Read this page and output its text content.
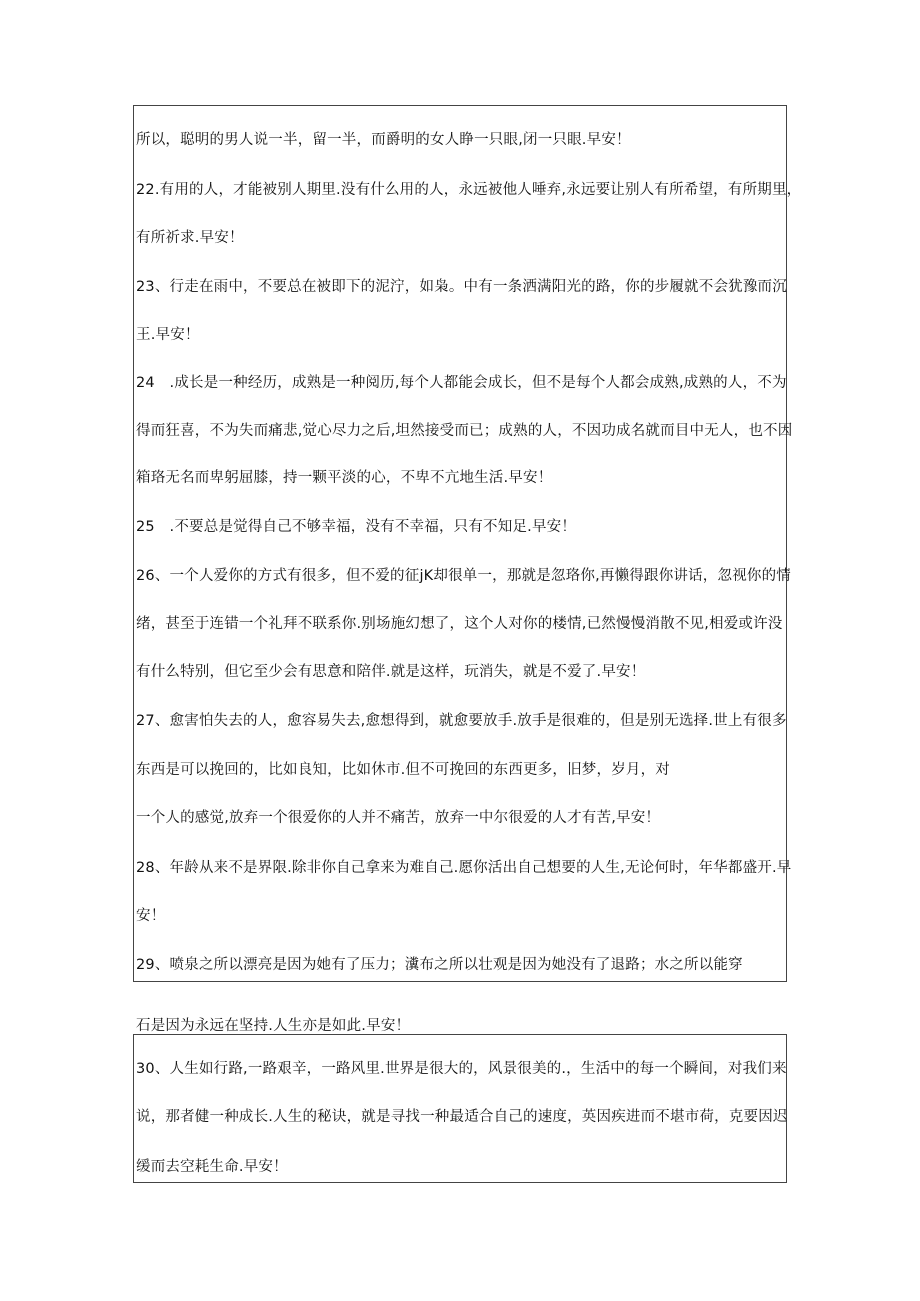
所以，聪明的男人说一半，留一半，而爵明的女人睁一只眼,闭一只眼.早安！
22.有用的人，才能被别人期里.没有什么用的人，永远被他人唾弃,永远要让别人有所希望，有所期里，
有所祈求.早安！
23、行走在雨中，不要总在被即下的泥泞，如枭。中有一条洒满阳光的路，你的步履就不会犹豫而沉
王.早安！
24　.成长是一种经历，成熟是一种阅历,每个人都能会成长，但不是每个人都会成熟,成熟的人，不为
得而狂喜，不为失而痛悲,觉心尽力之后,坦然接受而已；成熟的人，不因功成名就而目中无人，也不因
箱珞无名而卑躬屈膝，持一颗平淡的心，不卑不亢地生活.早安！
25　.不要总是觉得自己不够幸福，没有不幸福，只有不知足.早安！
26、一个人爱你的方式有很多，但不爱的征jK却很单一，那就是忽珞你,再懒得跟你讲话，忽视你的情
绪，甚至于连错一个礼拜不联系你.别场施幻想了，这个人对你的楼情,已然慢慢消散不见,相爱或许没
有什么特别，但它至少会有思意和陪伴.就是这样，玩消失，就是不爱了.早安！
27、愈害怕失去的人，愈容易失去,愈想得到，就愈要放手.放手是很难的，但是别无选择.世上有很多
东西是可以挽回的，比如良知，比如休市.但不可挽回的东西更多，旧梦，岁月，对
一个人的感觉,放弃一个很爱你的人并不痛苦，放弃一中尔很爱的人才有苦,早安！
28、年龄从来不是界限.除非你自己拿来为难自己.愿你活出自己想要的人生,无论何时，年华都盛开.早
安！
29、喷泉之所以漂亮是因为她有了压力；瀵布之所以壮观是因为她没有了退路；水之所以能穿
石是因为永远在坚持.人生亦是如此.早安！
30、人生如行路,一路艰辛，一路风里.世界是很大的，风景很美的.，生活中的每一个瞬间，对我们来
说，那者健一种成长.人生的秘诀，就是寻找一种最适合自己的速度，英因疾进而不堪市荷，克要因迟
缓而去空耗生命.早安！
